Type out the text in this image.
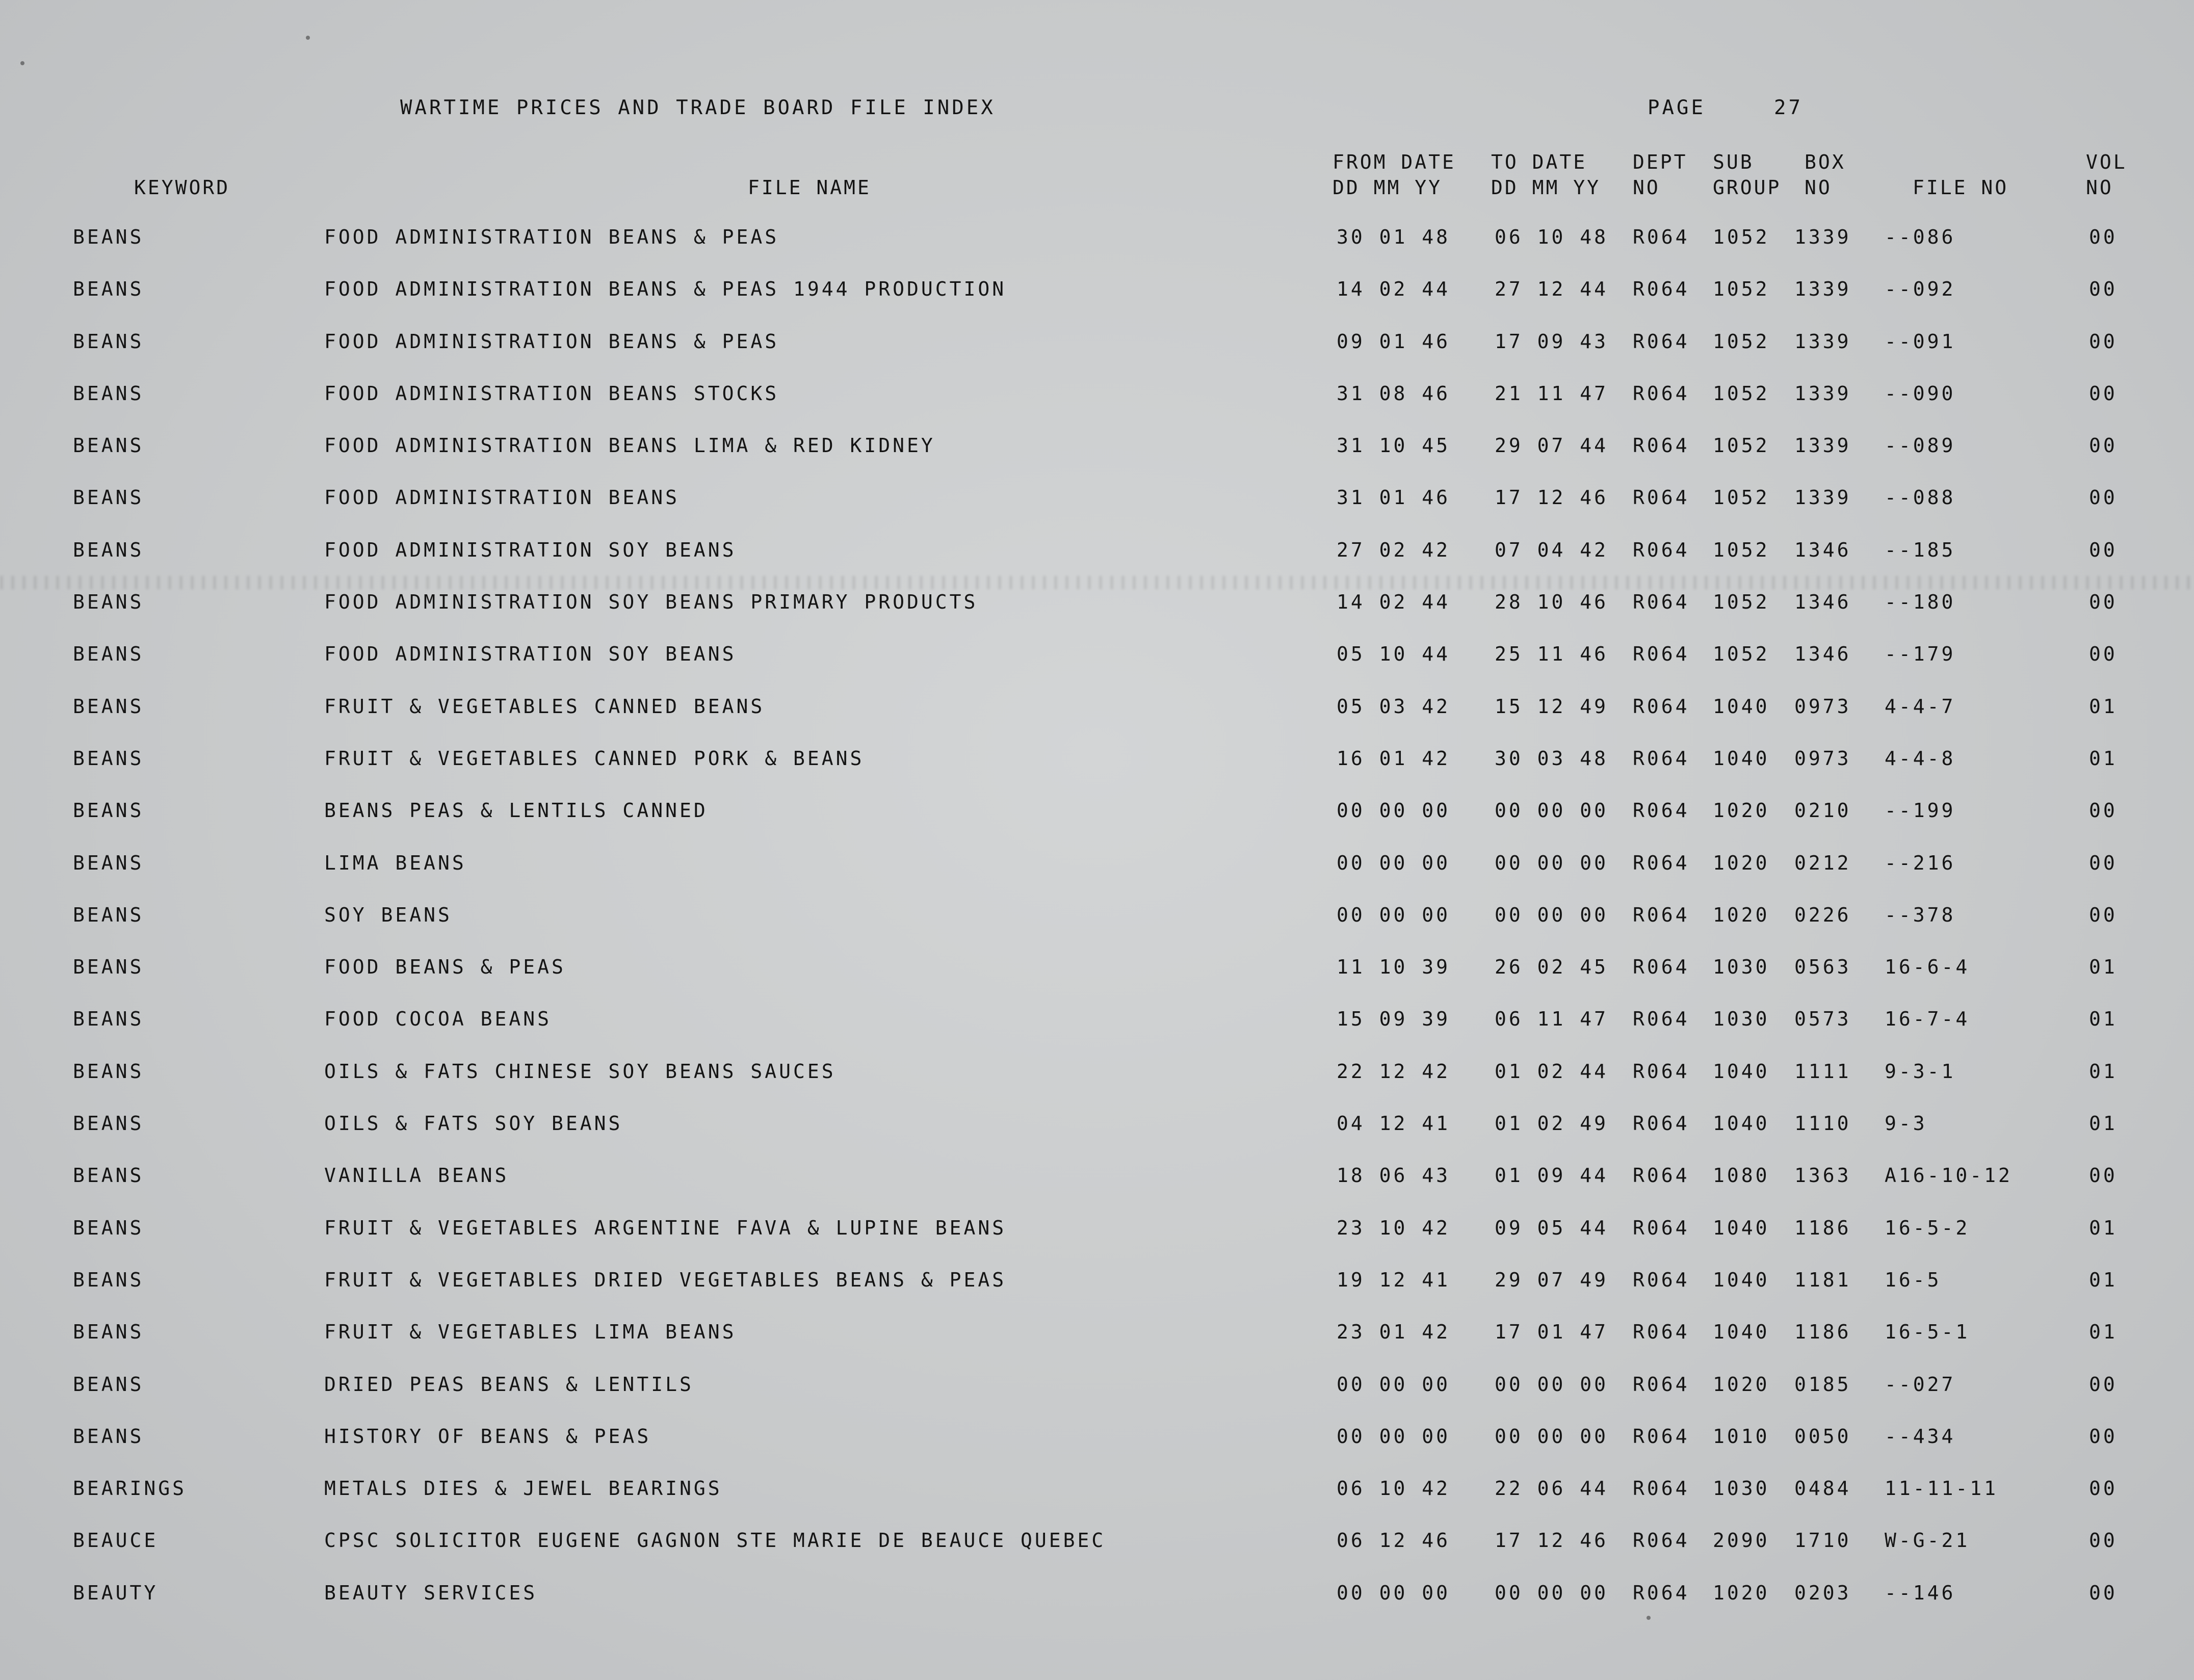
WARTIME PRICES AND TRADE BOARD FILE INDEX	PAGE	27
FROM DATE TO DATE DEPT SUB	BOX	VOL
KEYWORD	FILE NAME	DD MM YY	DD MM YY NO	GROUP NO	FILE NO	NO
BEANS	FOOD ADMINISTRATION BEANS & PEAS	30 01 48 06 10 48 R064 1052 1339 --086	00
BEANS	FOOD ADMINISTRATION BEANS & PEAS 1944 PRODUCTION	14 02 44 27 12 44 R064 1052 1339 --092	00
BEANS	FOOD ADMINISTRATION BEANS & PEAS	09 01 46 17 09 43 R064 1052 1339 --091	00
BEANS	FOOD ADMINISTRATION BEANS STOCKS	31 08 46 21 11 47 R064 1052 1339 --090	00
BEANS	FOOD ADMINISTRATION BEANS LIMA & RED KIDNEY	31 10 45 29 07 44 R064 1052 1339 --089	00
BEANS	FOOD ADMINISTRATION BEANS	31 01 46 17 12 46 R064 1052 1339 --088	00
BEANS	FOOD ADMINISTRATION SOY BEANS	27 02 42 07 04 42 R064 1052 1346 --185	00
BEANS	FOOD ADMINISTRATION SOY BEANS PRIMARY PRODUCTS	14 02 44 28 10 46 R064 1052 1346 --180	00
BEANS	FOOD ADMINISTRATION SOY BEANS	05 10 44 25 11 46 R064 1052 1346 --179	00
BEANS	FRUIT & VEGETABLES CANNED BEANS	05 03 42 15 12 49 R064 1040 0973 4-4-7	01
BEANS	FRUIT & VEGETABLES CANNED PORK & BEANS	16 01 42 30 03 48 R064 1040 0973 4-4-8	01
BEANS	BEANS PEAS & LENTILS CANNED	00 00 00 00 00 00 R064 1020 0210 --199	00
BEANS	LIMA BEANS	00 00 00 00 00 00 R064 1020 0212 --216	00
BEANS	SOY BEANS	00 00 00 00 00 00 R064 1020 0226 --378	00
BEANS	FOOD BEANS & PEAS	11 10 39 26 02 45 R064 1030 0563 16-6-4	01
BEANS	FOOD COCOA BEANS	15 09 39 06 11 47 R064 1030 0573 16-7-4	01
BEANS	OILS & FATS CHINESE SOY BEANS SAUCES	22 12 42 01 02 44 R064 1040 1111 9-3-1	01
BEANS	OILS & FATS SOY BEANS	04 12 41 01 02 49 R064 1040 1110 9-3	01
BEANS	VANILLA BEANS	18 06 43 01 09 44 R064 1080 1363 A16-10-12	00
BEANS	FRUIT & VEGETABLES ARGENTINE FAVA & LUPINE BEANS	23 10 42 09 05 44 R064 1040 1186 16-5-2	01
BEANS	FRUIT & VEGETABLES DRIED VEGETABLES BEANS & PEAS	19 12 41 29 07 49 R064 1040 1181 16-5	01
BEANS	FRUIT & VEGETABLES LIMA BEANS	23 01 42 17 01 47 R064 1040 1186 16-5-1	01
BEANS	DRIED PEAS BEANS & LENTILS	00 00 00 00 00 00 R064 1020 0185 --027	00
BEANS	HISTORY OF BEANS & PEAS	00 00 00 00 00 00 R064 1010 0050 --434	00
BEARINGS	METALS DIES & JEWEL BEARINGS	06 10 42 22 06 44 R064 1030 0484 11-11-11	00
BEAUCE	CPSC SOLICITOR EUGENE GAGNON STE MARIE DE BEAUCE QUEBEC	06 12 46 17 12 46 R064 2090 1710 W-G-21	00
BEAUTY	BEAUTY SERVICES	00 00 00 00 00 00 R064 1020 0203 --146	00
